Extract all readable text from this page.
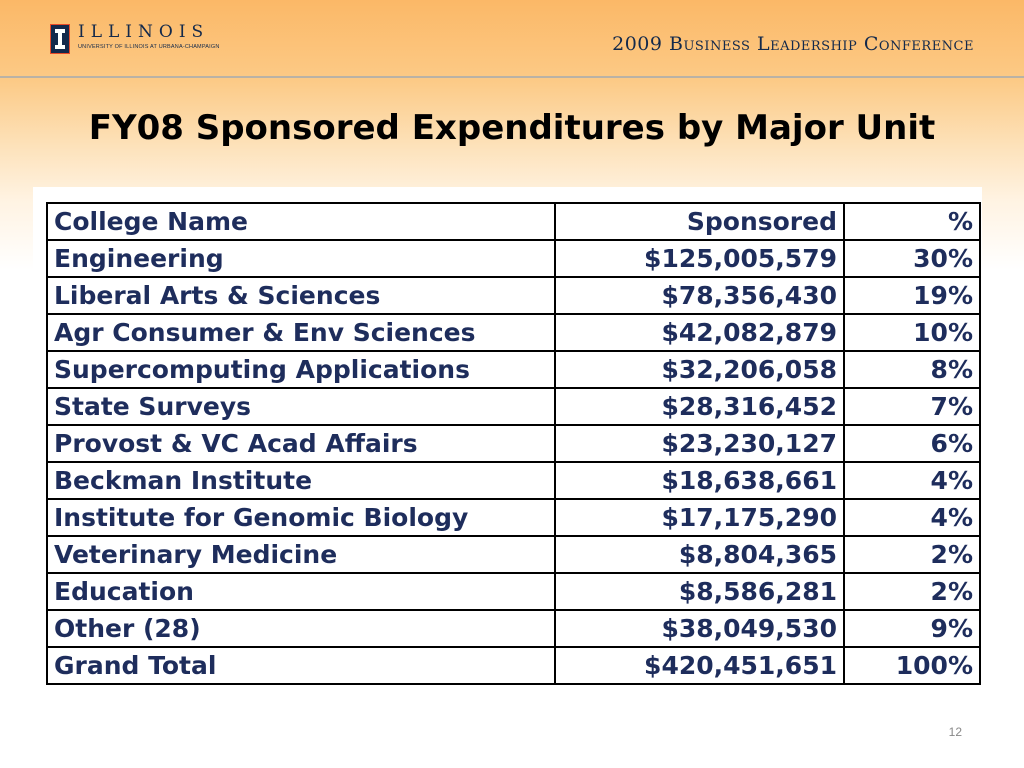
ILLINOIS
UNIVERSITY OF ILLINOIS AT URBANA-CHAMPAIGN	2009 Business Leadership Conference
FY08 Sponsored Expenditures by Major Unit
College Name	Sponsored	%
Engineering	$125,005,579	30%
Liberal Arts & Sciences	$78,356,430	19%
Agr Consumer & Env Sciences	$42,082,879	10%
Supercomputing Applications	$32,206,058	8%
State Surveys	$28,316,452	7%
Provost & VC Acad Affairs	$23,230,127	6%
Beckman Institute	$18,638,661	4%
Institute for Genomic Biology	$17,175,290	4%
Veterinary Medicine	$8,804,365	2%
Education	$8,586,281	2%
Other (28)	$38,049,530	9%
Grand Total	$420,451,651	100%
12
